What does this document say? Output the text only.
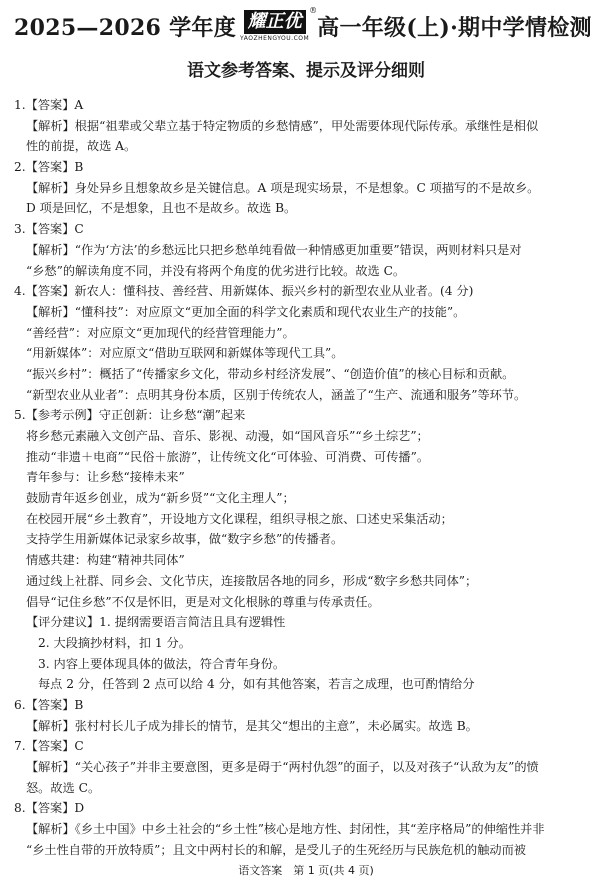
2025—2026 学年度 耀正优
YAOZHENGYOU.COM
®
高一年级(上)·期中学情检测
语文参考答案、提示及评分细则
1.【答案】A
【解析】根据“祖辈或父辈立基于特定物质的乡愁情感”，甲处需要体现代际传承。承继性是相似
性的前提，故选 A。
2.【答案】B
【解析】身处异乡且想象故乡是关键信息。A 项是现实场景，不是想象。C 项描写的不是故乡。
D 项是回忆，不是想象，且也不是故乡。故选 B。
3.【答案】C
【解析】“作为‘方法’的乡愁远比只把乡愁单纯看做一种情感更加重要”错误，两则材料只是对
“乡愁”的解读角度不同，并没有将两个角度的优劣进行比较。故选 C。
4.【答案】新农人：懂科技、善经营、用新媒体、振兴乡村的新型农业从业者。(4 分)
【解析】“懂科技”：对应原文“更加全面的科学文化素质和现代农业生产的技能”。
“善经营”：对应原文“更加现代的经营管理能力”。
“用新媒体”：对应原文“借助互联网和新媒体等现代工具”。
“振兴乡村”：概括了“传播家乡文化，带动乡村经济发展”、“创造价值”的核心目标和贡献。
“新型农业从业者”：点明其身份本质，区别于传统农人，涵盖了“生产、流通和服务”等环节。
5.【参考示例】守正创新：让乡愁“潮”起来
将乡愁元素融入文创产品、音乐、影视、动漫，如“国风音乐”“乡土综艺”；
推动“非遗＋电商”“民俗＋旅游”，让传统文化“可体验、可消费、可传播”。
青年参与：让乡愁“接棒未来”
鼓励青年返乡创业，成为“新乡贤”“文化主理人”；
在校园开展“乡土教育”，开设地方文化课程，组织寻根之旅、口述史采集活动；
支持学生用新媒体记录家乡故事，做“数字乡愁”的传播者。
情感共建：构建“精神共同体”
通过线上社群、同乡会、文化节庆，连接散居各地的同乡，形成“数字乡愁共同体”；
倡导“记住乡愁”不仅是怀旧，更是对文化根脉的尊重与传承责任。
【评分建议】1. 提纲需要语言简洁且具有逻辑性
2. 大段摘抄材料，扣 1 分。
3. 内容上要体现具体的做法，符合青年身份。
每点 2 分，任答到 2 点可以给 4 分，如有其他答案，若言之成理，也可酌情给分
6.【答案】B
【解析】张村村长儿子成为排长的情节，是其父“想出的主意”，未必属实。故选 B。
7.【答案】C
【解析】“关心孩子”并非主要意图，更多是碍于“两村仇怨”的面子，以及对孩子“认敌为友”的愤
怒。故选 C。
8.【答案】D
【解析】《乡土中国》中乡土社会的“乡土性”核心是地方性、封闭性，其“差序格局”的伸缩性并非
“乡土性自带的开放特质”；且文中两村长的和解，是受儿子的生死经历与民族危机的触动而被
语文答案　第 1 页(共 4 页)
